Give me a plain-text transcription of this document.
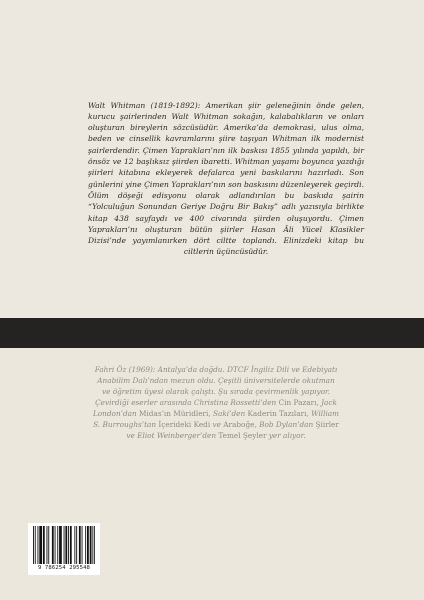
Walt Whitman (1819-1892): Amerikan şiir geleneğinin önde gelen, kurucu şairlerinden Walt Whitman sokağın, kalabalıkların ve onları oluşturan bireylerin sözcüsüdür. Amerika’da demokrasi, ulus olma, beden ve cinsellik kavramlarını şiire taşıyan Whitman ilk modernist şairlerdendir. Çimen Yaprakları’nın ilk baskısı 1855 yılında yapıldı, bir önsöz ve 12 başlıksız şiirden ibaretti. Whitman yaşamı boyunca yazdığı şiirleri kitabına ekleyerek defalarca yeni baskılarını hazırladı. Son günlerini yine Çimen Yaprakları’nın son baskısını düzenleyerek geçirdi. Ölüm döşeği edisyonu olarak adlandırılan bu baskıda şairin “Yolculuğun Sonundan Geriye Doğru Bir Bakış” adlı yazısıyla birlikte kitap 438 sayfaydı ve 400 civarında şiirden oluşuyordu. Çimen Yaprakları’nı oluşturan bütün şiirler Hasan Âli Yücel Klasikler Dizisi’nde yayımlanırken dört ciltte toplandı. Elinizdeki kitap bu ciltlerin üçüncüsüdür.

Fahri Öz (1969): Antalya’da doğdu. DTCF İngiliz Dili ve Edebiyatı Anabilim Dalı’ndan mezun oldu. Çeşitli üniversitelerde okutman ve öğretim üyesi olarak çalıştı. Şu sırada çevirmenlik yapıyor. Çevirdiği eserler arasında Christina Rossetti’den Cin Pazarı, Jack London’dan Midas’ın Müridleri, Saki’den Kaderin Tazıları, William S. Burroughs’tan İçerideki Kedi ve Araboğe, Bob Dylan’dan Şiirler ve Eliot Weinberger’den Temel Şeyler yer alıyor.

9 786254 295548
